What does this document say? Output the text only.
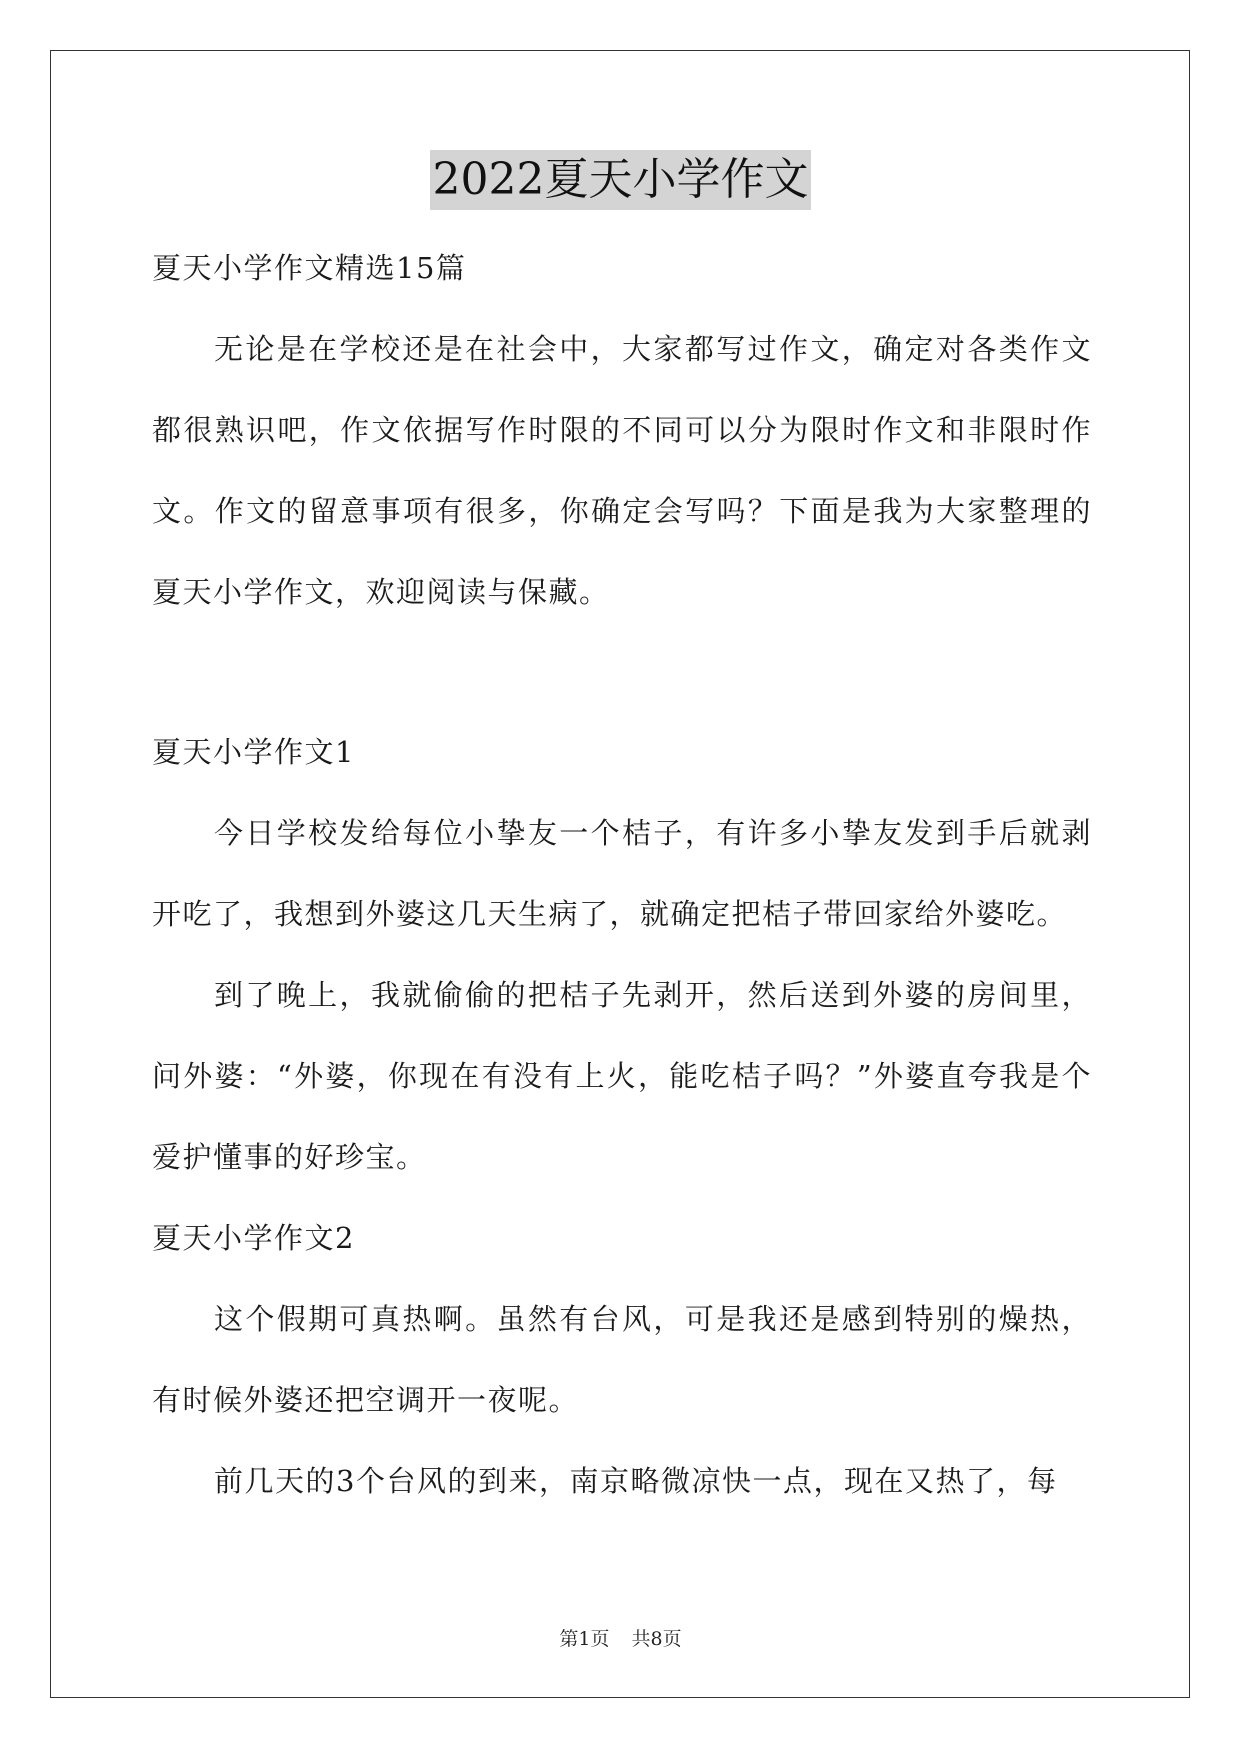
2022夏天小学作文

夏天小学作文精选15篇

无论是在学校还是在社会中，大家都写过作文，确定对各类作文都很熟识吧，作文依据写作时限的不同可以分为限时作文和非限时作文。作文的留意事项有很多，你确定会写吗？下面是我为大家整理的夏天小学作文，欢迎阅读与保藏。

夏天小学作文1

今日学校发给每位小挚友一个桔子，有许多小挚友发到手后就剥开吃了，我想到外婆这几天生病了，就确定把桔子带回家给外婆吃。

到了晚上，我就偷偷的把桔子先剥开，然后送到外婆的房间里，问外婆：“外婆，你现在有没有上火，能吃桔子吗？”外婆直夸我是个爱护懂事的好珍宝。

夏天小学作文2

这个假期可真热啊。虽然有台风，可是我还是感到特别的燥热，有时候外婆还把空调开一夜呢。

前几天的3个台风的到来，南京略微凉快一点，现在又热了，每

第1页 共8页
